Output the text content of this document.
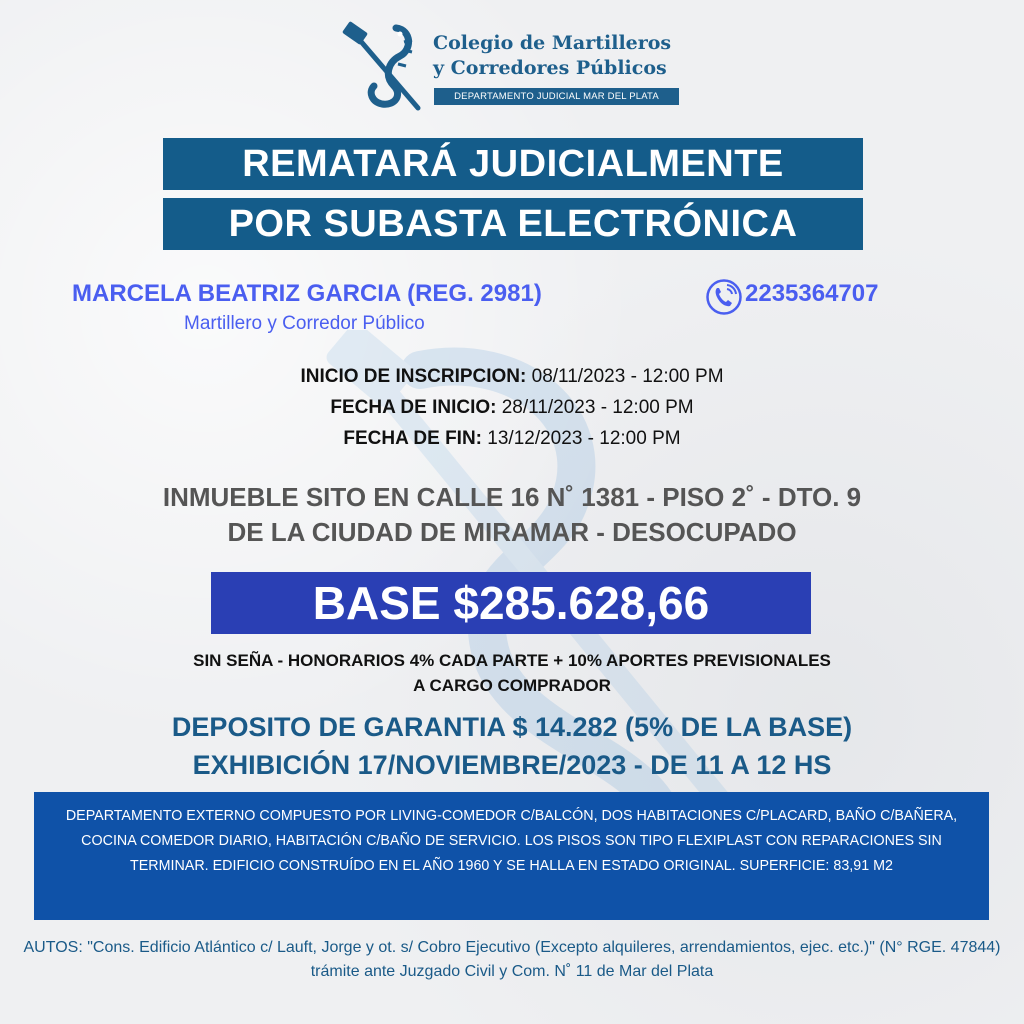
Colegio de Martilleros
y Corredores Públicos
DEPARTAMENTO JUDICIAL MAR DEL PLATA
REMATARÁ JUDICIALMENTE
POR SUBASTA ELECTRÓNICA
MARCELA BEATRIZ GARCIA (REG. 2981)
Martillero y Corredor Público
2235364707
INICIO DE INSCRIPCION: 08/11/2023 - 12:00 PM
FECHA DE INICIO: 28/11/2023 - 12:00 PM
FECHA DE FIN: 13/12/2023 - 12:00 PM
INMUEBLE SITO EN CALLE 16 N˚ 1381 - PISO 2˚ - DTO. 9
DE LA CIUDAD DE MIRAMAR - DESOCUPADO
BASE $285.628,66
SIN SEÑA - HONORARIOS 4% CADA PARTE + 10% APORTES PREVISIONALES
A CARGO COMPRADOR
DEPOSITO DE GARANTIA $ 14.282 (5% DE LA BASE)
EXHIBICIÓN 17/NOVIEMBRE/2023 - DE 11 A 12 HS
DEPARTAMENTO EXTERNO COMPUESTO POR LIVING-COMEDOR C/BALCÓN, DOS HABITACIONES C/PLACARD, BAÑO C/BAÑERA, COCINA COMEDOR DIARIO, HABITACIÓN C/BAÑO DE SERVICIO. LOS PISOS SON TIPO FLEXIPLAST CON REPARACIONES SIN TERMINAR. EDIFICIO CONSTRUÍDO EN EL AÑO 1960 Y SE HALLA EN ESTADO ORIGINAL. SUPERFICIE: 83,91 M2
AUTOS: "Cons. Edificio Atlántico c/ Lauft, Jorge y ot. s/ Cobro Ejecutivo (Excepto alquileres, arrendamientos, ejec. etc.)" (N° RGE. 47844) trámite ante Juzgado Civil y Com. N˚ 11 de Mar del Plata
